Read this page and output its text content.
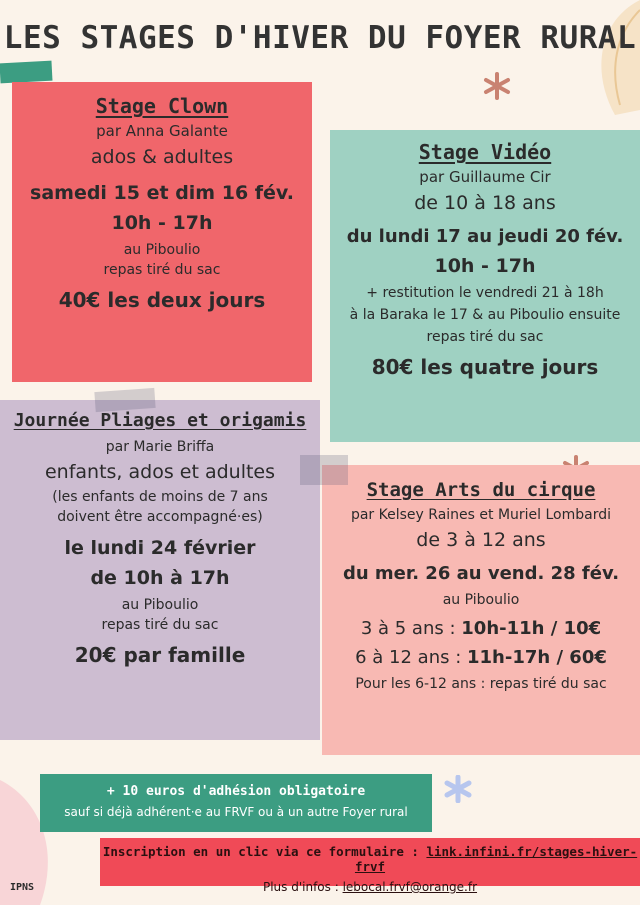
LES STAGES D'HIVER DU FOYER RURAL
Stage Clown
par Anna Galante
ados & adultes
samedi 15 et dim 16 fév.
10h - 17h
au Piboulio
repas tiré du sac
40€ les deux jours
Stage Vidéo
par Guillaume Cir
de 10 à 18 ans
du lundi 17 au jeudi 20 fév.
10h - 17h
+ restitution le vendredi 21 à 18h
à la Baraka le 17 & au Piboulio ensuite
repas tiré du sac
80€ les quatre jours
Journée Pliages et origamis
par Marie Briffa
enfants, ados et adultes
(les enfants de moins de 7 ans
doivent être accompagné·es)
le lundi 24 février
de 10h à 17h
au Piboulio
repas tiré du sac
20€ par famille
Stage Arts du cirque
par Kelsey Raines et Muriel Lombardi
de 3 à 12 ans
du mer. 26 au vend. 28 fév.
au Piboulio
3 à 5 ans : 10h-11h / 10€
6 à 12 ans : 11h-17h / 60€
Pour les 6-12 ans : repas tiré du sac
+ 10 euros d'adhésion obligatoire
sauf si déjà adhérent·e au FRVF ou à un autre Foyer rural
Inscription en un clic via ce formulaire : link.infini.fr/stages-hiver-frvf
Plus d'infos : lebocal.frvf@orange.fr
IPNS
